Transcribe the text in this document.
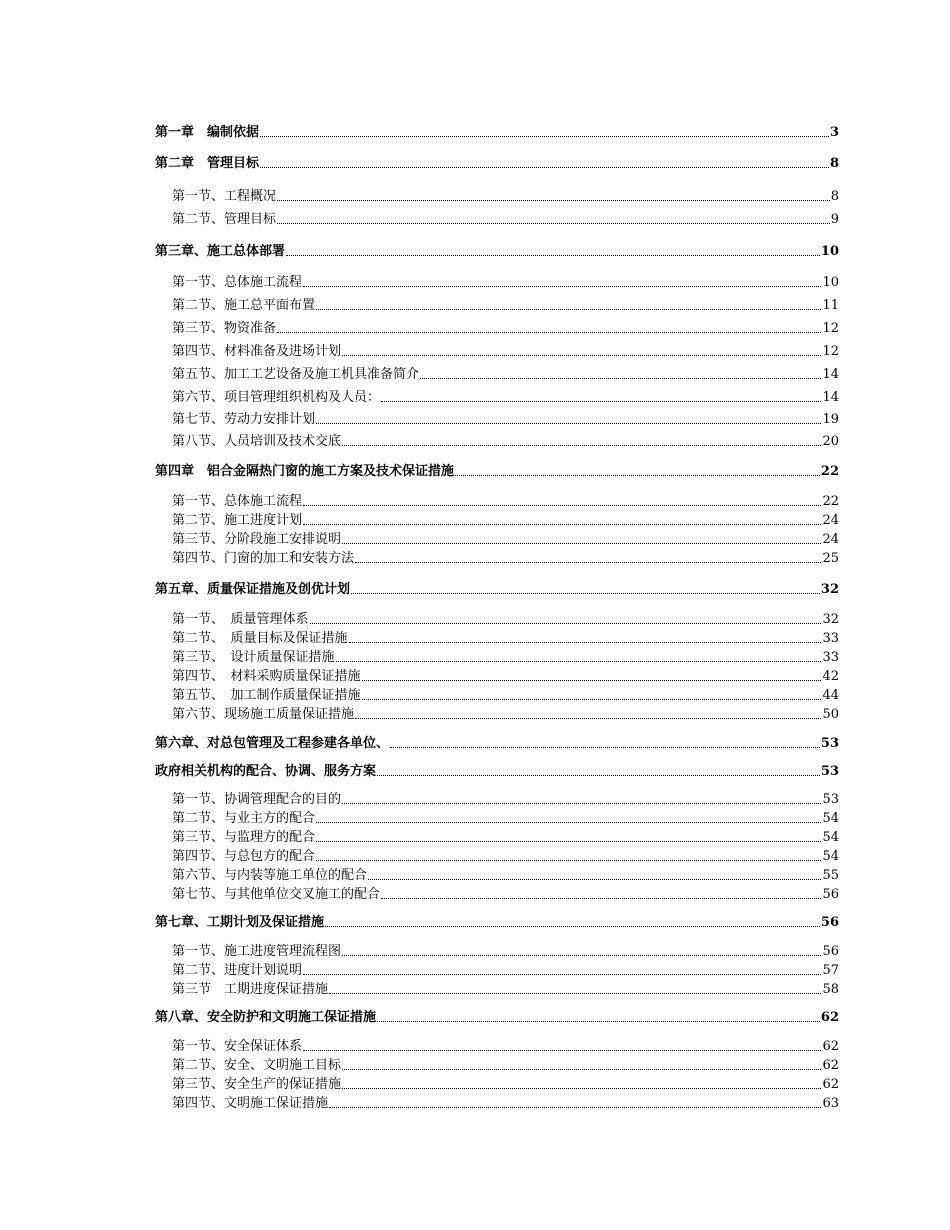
第一章　编制依据	3
第二章　管理目标	8
第一节、工程概况	8
第二节、管理目标	9
第三章、施工总体部署	10
第一节、总体施工流程	10
第二节、施工总平面布置	11
第三节、物资准备	12
第四节、材料准备及进场计划	12
第五节、加工工艺设备及施工机具准备简介	14
第六节、项目管理组织机构及人员：	14
第七节、劳动力安排计划	19
第八节、人员培训及技术交底	20
第四章　铝合金隔热门窗的施工方案及技术保证措施	22
第一节、总体施工流程	22
第二节、施工进度计划	24
第三节、分阶段施工安排说明	24
第四节、门窗的加工和安装方法	25
第五章、质量保证措施及创优计划	32
第一节、　质量管理体系	32
第二节、　质量目标及保证措施	33
第三节、　设计质量保证措施	33
第四节、　材料采购质量保证措施	42
第五节、　加工制作质量保证措施	44
第六节、现场施工质量保证措施	50
第六章、对总包管理及工程参建各单位、	53
政府相关机构的配合、协调、服务方案	53
第一节、协调管理配合的目的	53
第二节、与业主方的配合	54
第三节、与监理方的配合	54
第四节、与总包方的配合	54
第六节、与内装等施工单位的配合	55
第七节、与其他单位交叉施工的配合	56
第七章、工期计划及保证措施	56
第一节、施工进度管理流程图	56
第二节、进度计划说明	57
第三节　工期进度保证措施	58
第八章、安全防护和文明施工保证措施	62
第一节、安全保证体系	62
第二节、安全、文明施工目标	62
第三节、安全生产的保证措施	62
第四节、文明施工保证措施	63
